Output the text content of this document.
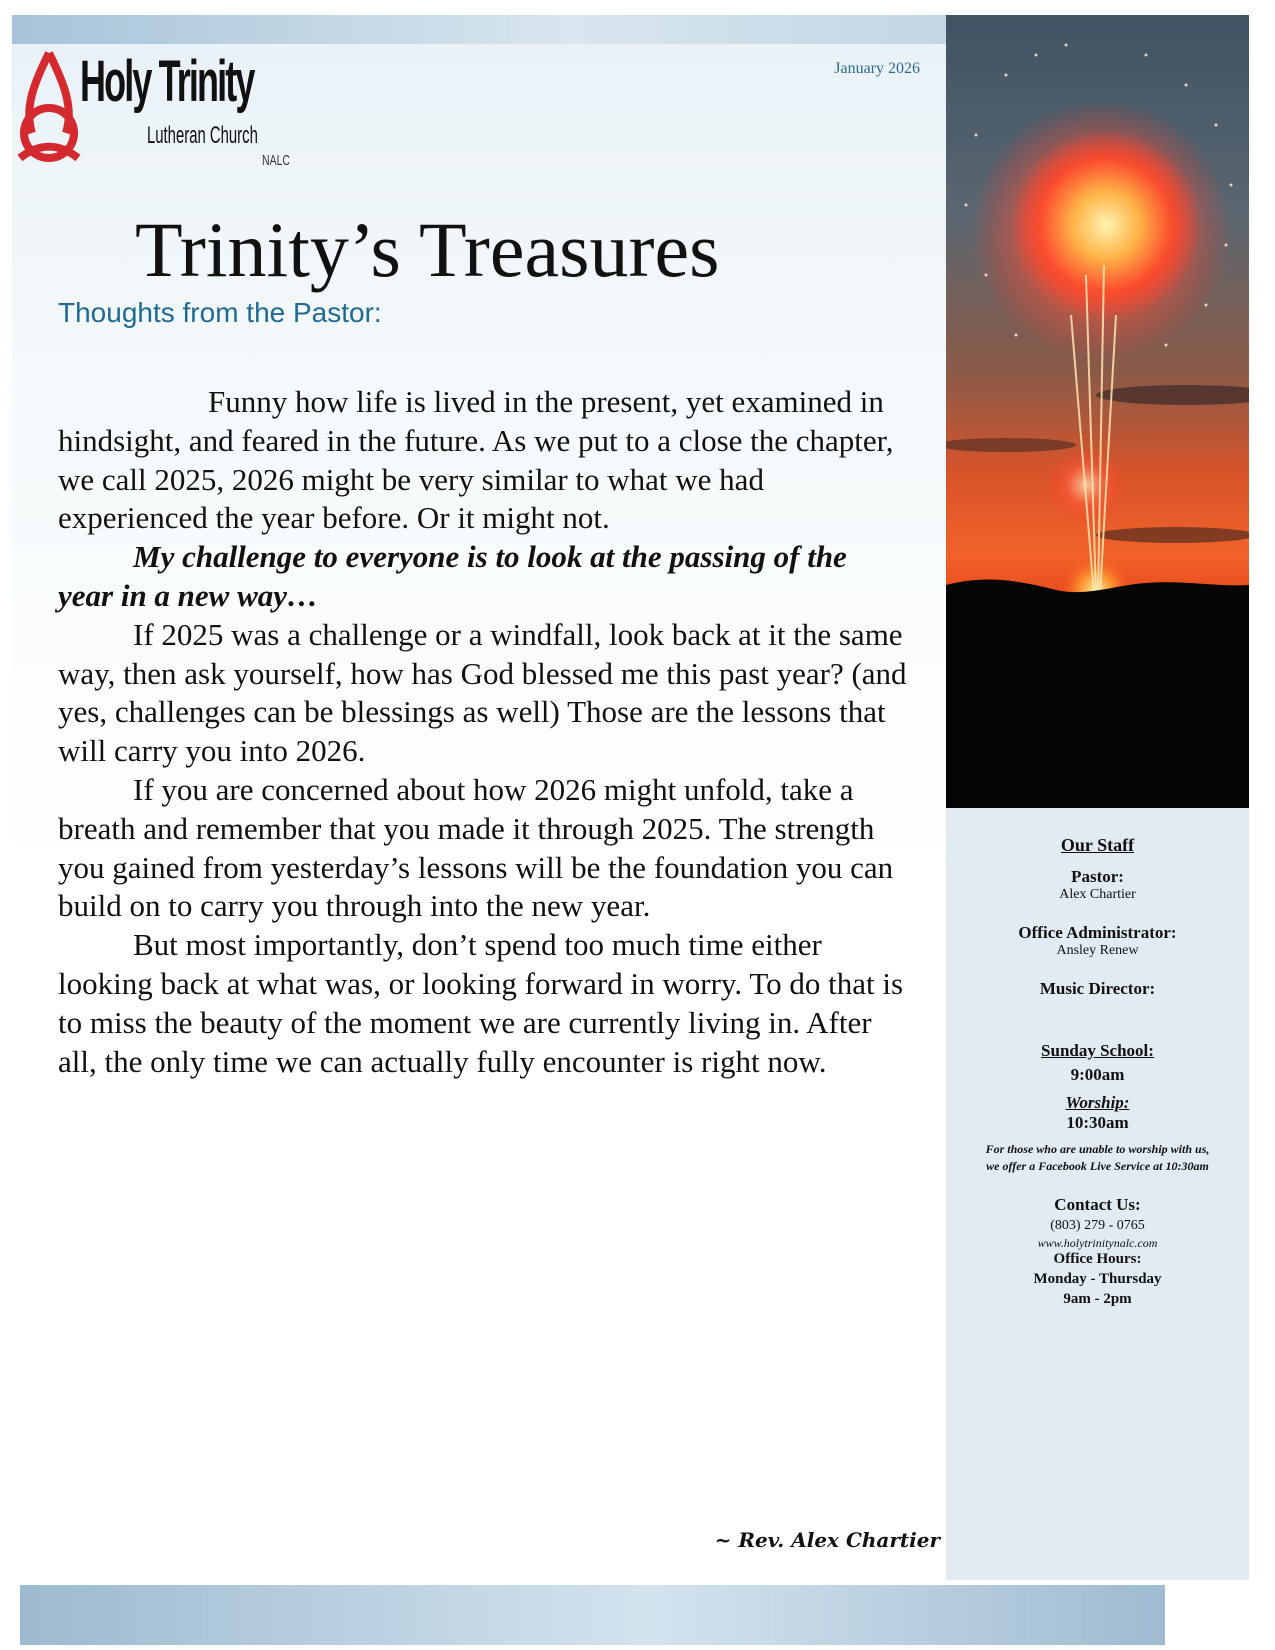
Holy Trinity
Lutheran Church
NALC
January 2026
Trinity’s Treasures
Thoughts from the Pastor:

Funny how life is lived in the present, yet examined in hindsight, and feared in the future. As we put to a close the chapter, we call 2025, 2026 might be very similar to what we had experienced the year before. Or it might not.

My challenge to everyone is to look at the passing of the year in a new way…

If 2025 was a challenge or a windfall, look back at it the same way, then ask yourself, how has God blessed me this past year? (and yes, challenges can be blessings as well) Those are the lessons that will carry you into 2026.

If you are concerned about how 2026 might unfold, take a breath and remember that you made it through 2025. The strength you gained from yesterday’s lessons will be the foundation you can build on to carry you through into the new year.

But most importantly, don’t spend too much time either looking back at what was, or looking forward in worry. To do that is to miss the beauty of the moment we are currently living in. After all, the only time we can actually fully encounter is right now.

~ Rev. Alex Chartier
Our Staff
Pastor:
Alex Chartier
Office Administrator:
Ansley Renew
Music Director:
Sunday School:
9:00am
Worship:
10:30am
For those who are unable to worship with us, we offer a Facebook Live Service at 10:30am
Contact Us:
(803) 279 - 0765
www.holytrinitynalc.com
Office Hours:
Monday - Thursday
9am - 2pm
